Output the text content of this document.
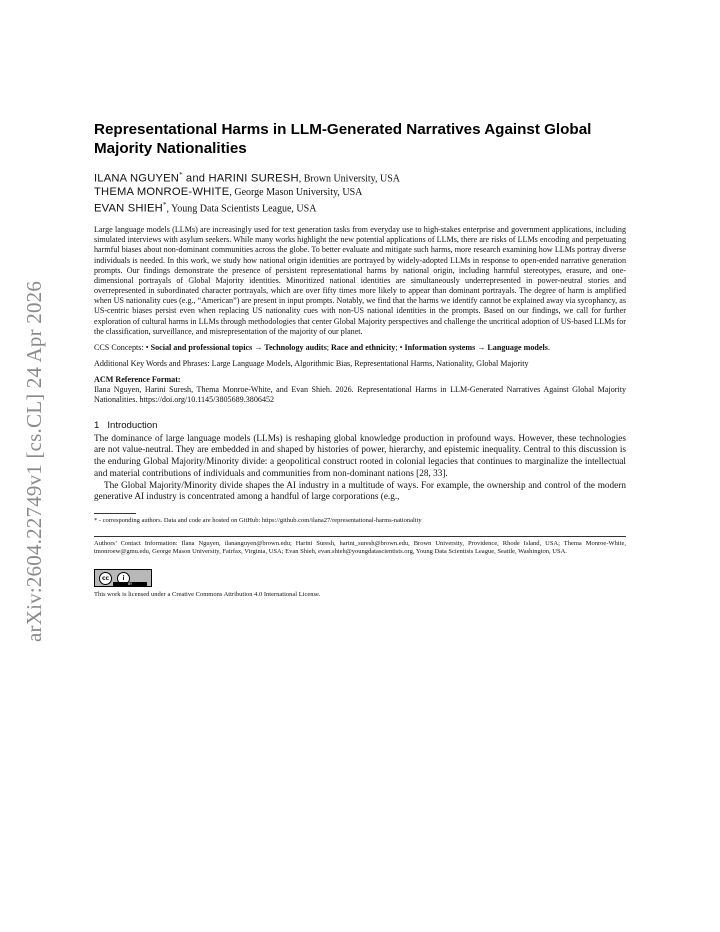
arXiv:2604.22749v1 [cs.CL] 24 Apr 2026
Representational Harms in LLM-Generated Narratives Against Global Majority Nationalities

ILANA NGUYEN* and HARINI SURESH, Brown University, USA

THEMA MONROE-WHITE, George Mason University, USA

EVAN SHIEH*, Young Data Scientists League, USA

Large language models (LLMs) are increasingly used for text generation tasks from everyday use to high-stakes enterprise and government applications, including simulated interviews with asylum seekers. While many works highlight the new potential applications of LLMs, there are risks of LLMs encoding and perpetuating harmful biases about non-dominant communities across the globe. To better evaluate and mitigate such harms, more research examining how LLMs portray diverse individuals is needed. In this work, we study how national origin identities are portrayed by widely-adopted LLMs in response to open-ended narrative generation prompts. Our findings demonstrate the presence of persistent representational harms by national origin, including harmful stereotypes, erasure, and one-dimensional portrayals of Global Majority identities. Minoritized national identities are simultaneously underrepresented in power-neutral stories and overrepresented in subordinated character portrayals, which are over fifty times more likely to appear than dominant portrayals. The degree of harm is amplified when US nationality cues (e.g., “American”) are present in input prompts. Notably, we find that the harms we identify cannot be explained away via sycophancy, as US-centric biases persist even when replacing US nationality cues with non-US national identities in the prompts. Based on our findings, we call for further exploration of cultural harms in LLMs through methodologies that center Global Majority perspectives and challenge the uncritical adoption of US-based LLMs for the classification, surveillance, and misrepresentation of the majority of our planet.

CCS Concepts: • Social and professional topics → Technology audits; Race and ethnicity; • Information systems → Language models.

Additional Key Words and Phrases: Large Language Models, Algorithmic Bias, Representational Harms, Nationality, Global Majority

ACM Reference Format:

Ilana Nguyen, Harini Suresh, Thema Monroe-White, and Evan Shieh. 2026. Representational Harms in LLM-Generated Narratives Against Global Majority Nationalities. https://doi.org/10.1145/3805689.3806452

1 Introduction

The dominance of large language models (LLMs) is reshaping global knowledge production in profound ways. However, these technologies are not value-neutral. They are embedded in and shaped by histories of power, hierarchy, and epistemic inequality. Central to this discussion is the enduring Global Majority/Minority divide: a geopolitical construct rooted in colonial legacies that continues to marginalize the intellectual and material contributions of individuals and communities from non-dominant nations [28, 33].

The Global Majority/Minority divide shapes the AI industry in a multitude of ways. For example, the ownership and control of the modern generative AI industry is concentrated among a handful of large corporations (e.g.,

* - corresponding authors. Data and code are hosted on GitHub: https://github.com/ilana27/representational-harms-nationality

Authors’ Contact Information: Ilana Nguyen, ilananguyen@brown.edu; Harini Suresh, harini_suresh@brown.edu, Brown University, Providence, Rhode Island, USA; Thema Monroe-White, tmonroew@gmu.edu, George Mason University, Fairfax, Virginia, USA; Evan Shieh, evan.shieh@youngdatascientists.org, Young Data Scientists League, Seattle, Washington, USA.

cc	i
BY

This work is licensed under a Creative Commons Attribution 4.0 International License.
